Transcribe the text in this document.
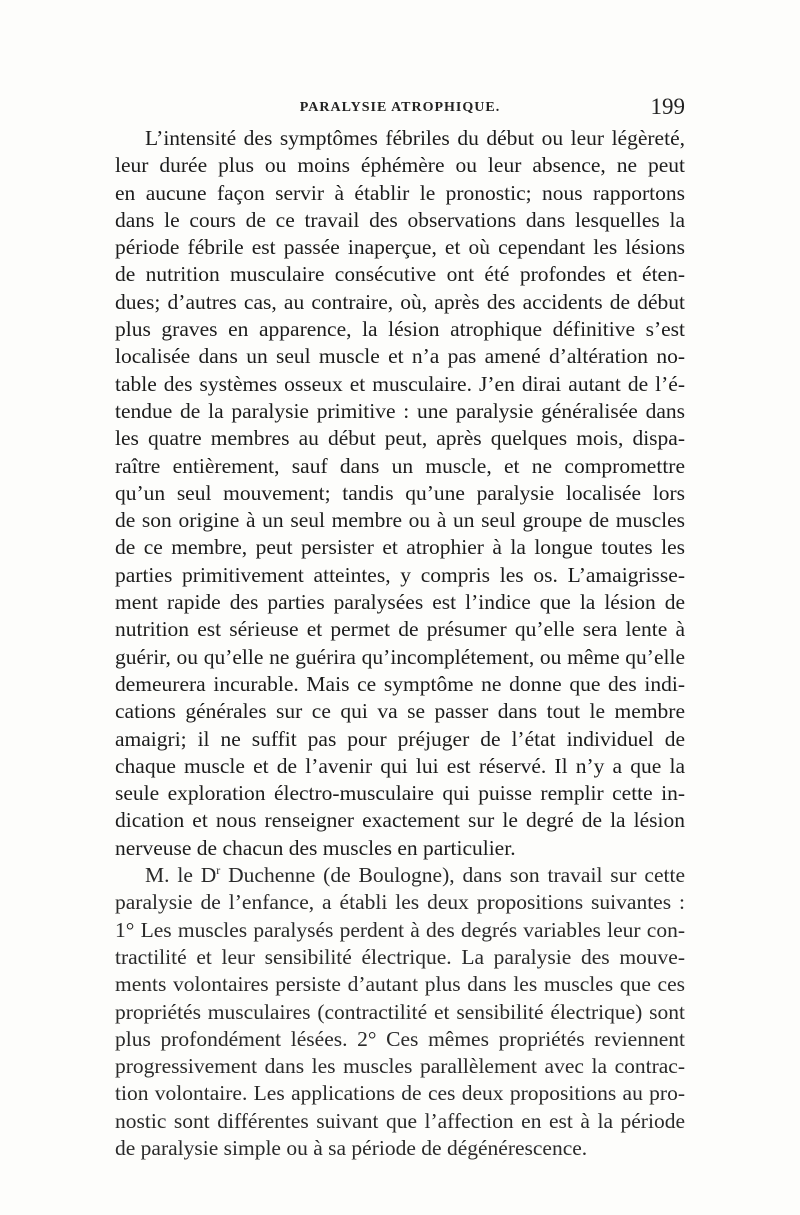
PARALYSIE ATROPHIQUE.	199
L’intensité des symptômes fébriles du début ou leur légèreté,
leur durée plus ou moins éphémère ou leur absence, ne peut
en aucune façon servir à établir le pronostic; nous rapportons
dans le cours de ce travail des observations dans lesquelles la
période fébrile est passée inaperçue, et où cependant les lésions
de nutrition musculaire consécutive ont été profondes et éten-
dues; d’autres cas, au contraire, où, après des accidents de début
plus graves en apparence, la lésion atrophique définitive s’est
localisée dans un seul muscle et n’a pas amené d’altération no-
table des systèmes osseux et musculaire. J’en dirai autant de l’é-
tendue de la paralysie primitive : une paralysie généralisée dans
les quatre membres au début peut, après quelques mois, dispa-
raître entièrement, sauf dans un muscle, et ne compromettre
qu’un seul mouvement; tandis qu’une paralysie localisée lors
de son origine à un seul membre ou à un seul groupe de muscles
de ce membre, peut persister et atrophier à la longue toutes les
parties primitivement atteintes, y compris les os. L’amaigrisse-
ment rapide des parties paralysées est l’indice que la lésion de
nutrition est sérieuse et permet de présumer qu’elle sera lente à
guérir, ou qu’elle ne guérira qu’incomplétement, ou même qu’elle
demeurera incurable. Mais ce symptôme ne donne que des indi-
cations générales sur ce qui va se passer dans tout le membre
amaigri; il ne suffit pas pour préjuger de l’état individuel de
chaque muscle et de l’avenir qui lui est réservé. Il n’y a que la
seule exploration électro-musculaire qui puisse remplir cette in-
dication et nous renseigner exactement sur le degré de la lésion
nerveuse de chacun des muscles en particulier.
M. le $D^r$ Duchenne (de Boulogne), dans son travail sur cette
paralysie de l’enfance, a établi les deux propositions suivantes :
1° Les muscles paralysés perdent à des degrés variables leur con-
tractilité et leur sensibilité électrique. La paralysie des mouve-
ments volontaires persiste d’autant plus dans les muscles que ces
propriétés musculaires (contractilité et sensibilité électrique) sont
plus profondément lésées. 2° Ces mêmes propriétés reviennent
progressivement dans les muscles parallèlement avec la contrac-
tion volontaire. Les applications de ces deux propositions au pro-
nostic sont différentes suivant que l’affection en est à la période
de paralysie simple ou à sa période de dégénérescence.
